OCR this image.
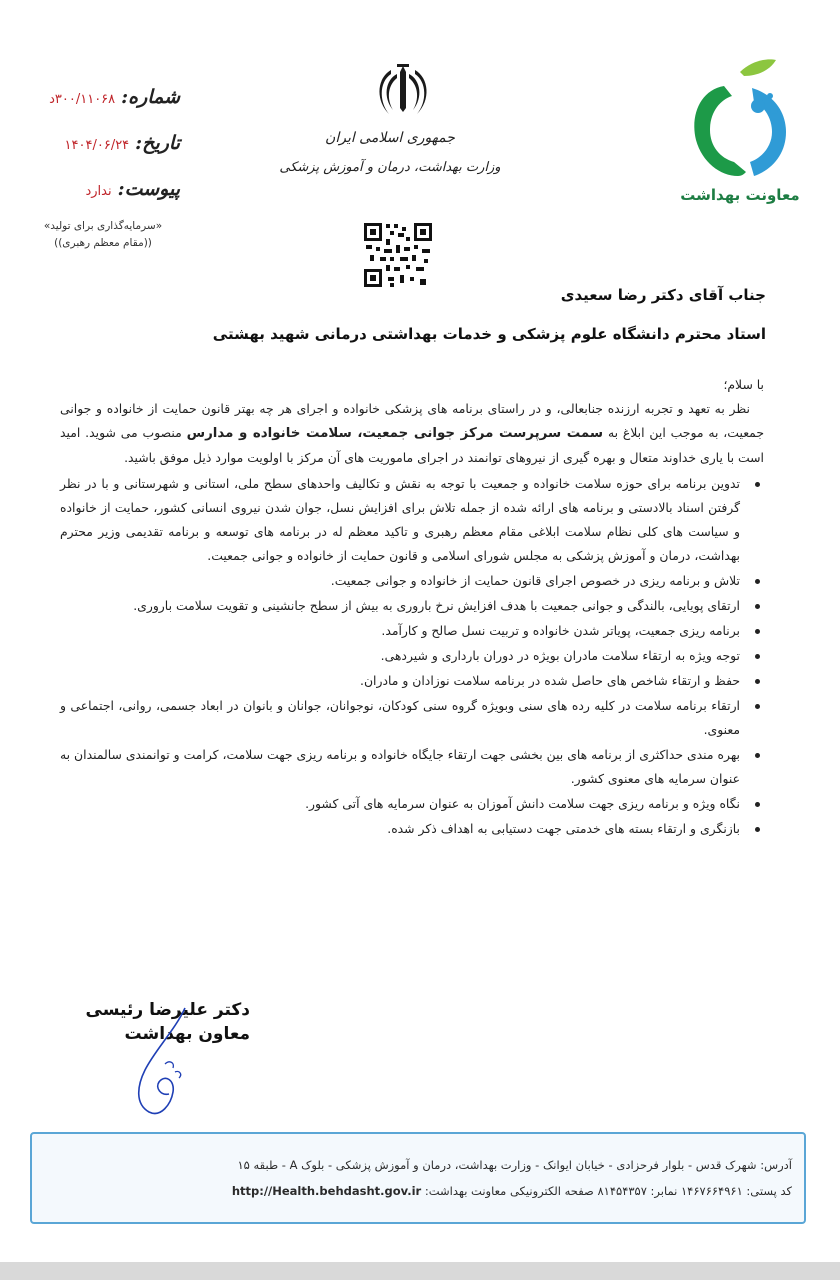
معاونت بهداشت
جمهوری اسلامی ایران
وزارت بهداشت، درمان و آموزش پزشکی
شماره:
۳۰۰/۱۱۰۶۸د
تاریخ:
۱۴۰۴/۰۶/۲۴
پیوست:
ندارد
«سرمایه‌گذاری برای تولید»
((مقام معظم رهبری))
جناب آقای دکتر رضا سعیدی
استاد محترم دانشگاه علوم پزشکی و خدمات بهداشتی درمانی شهید بهشتی
با سلام؛

نظر به تعهد و تجربه ارزنده جنابعالی، و در راستای برنامه های پزشکی خانواده و اجرای هر چه بهتر قانون حمایت از خانواده و جوانی جمعیت، به موجب این ابلاغ به سمت سرپرست مرکز جوانی جمعیت، سلامت خانواده و مدارس منصوب می شوید. امید است با یاری خداوند متعال و بهره گیری از نیروهای توانمند در اجرای ماموریت های آن مرکز با اولویت موارد ذیل موفق باشید.

تدوین برنامه برای حوزه سلامت خانواده و جمعیت با توجه به نقش و تکالیف واحدهای سطح ملی، استانی و شهرستانی و با در نظر گرفتن اسناد بالادستی و برنامه های ارائه شده از جمله تلاش برای افزایش نسل، جوان شدن نیروی انسانی کشور، حمایت از خانواده و سیاست های کلی نظام سلامت ابلاغی مقام معظم رهبری و تاکید معظم له در برنامه های توسعه و برنامه تقدیمی وزیر محترم بهداشت، درمان و آموزش پزشکی به مجلس شورای اسلامی و قانون حمایت از خانواده و جوانی جمعیت.
تلاش و برنامه ریزی در خصوص اجرای قانون حمایت از خانواده و جوانی جمعیت.
ارتقای پویایی، بالندگی و جوانی جمعیت با هدف افزایش نرخ باروری به بیش از سطح جانشینی و تقویت سلامت باروری.
برنامه ریزی جمعیت، پویاتر شدن خانواده و تربیت نسل صالح و کارآمد.
توجه ویژه به ارتقاء سلامت مادران بویژه در دوران بارداری و شیردهی.
حفظ و ارتقاء شاخص های حاصل شده در برنامه سلامت نوزادان و مادران.
ارتقاء برنامه سلامت در کلیه رده های سنی وبویژه گروه سنی کودکان، نوجوانان، جوانان و بانوان در ابعاد جسمی، روانی، اجتماعی و معنوی.
بهره مندی حداکثری از برنامه های بین بخشی جهت ارتقاء جایگاه خانواده و برنامه ریزی جهت سلامت، کرامت و توانمندی سالمندان به عنوان سرمایه های معنوی کشور.
نگاه ویژه و برنامه ریزی جهت سلامت دانش آموزان به عنوان سرمایه های آتی کشور.
بازنگری و ارتقاء بسته های خدمتی جهت دستیابی به اهداف ذکر شده.
دکتر علیرضا رئیسی
معاون بهداشت
آدرس: شهرک قدس - بلوار فرحزادی - خیابان ایوانک - وزارت بهداشت، درمان و آموزش پزشکی - بلوک A - طبقه ۱۵
کد پستی: ۱۴۶۷۶۶۴۹۶۱ نمابر: ۸۱۴۵۴۳۵۷ صفحه الکترونیکی معاونت بهداشت: http://Health.behdasht.gov.ir
